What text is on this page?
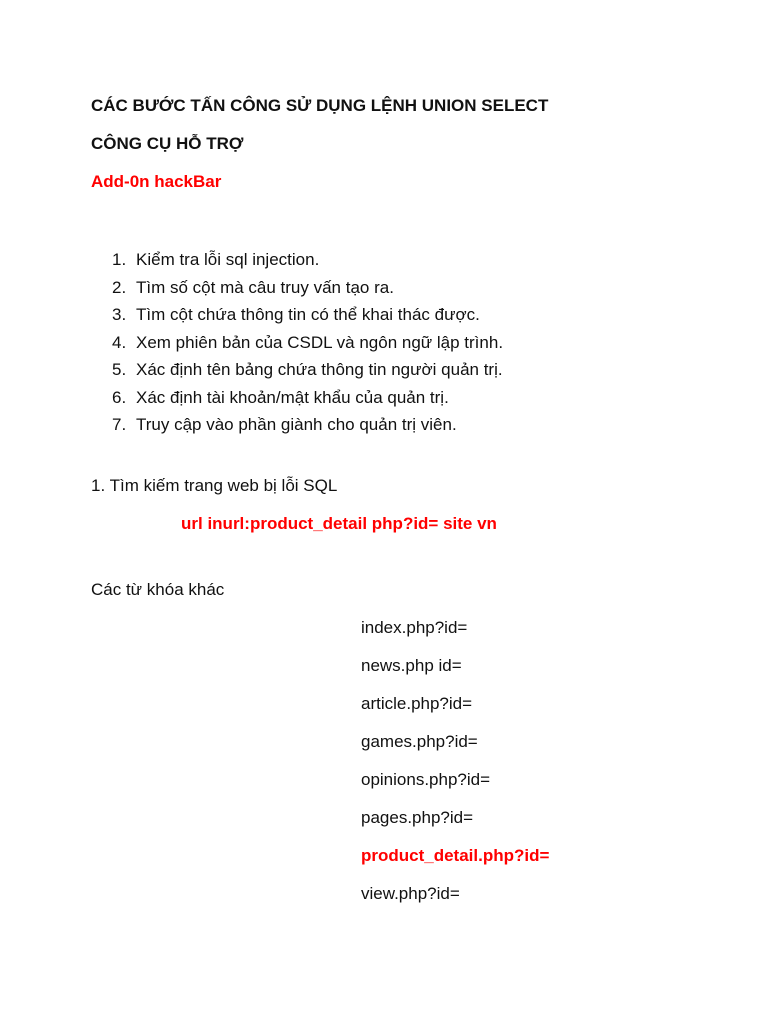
CÁC BƯỚC TẤN CÔNG SỬ DỤNG LỆNH UNION SELECT
CÔNG CỤ HỖ TRỢ
Add-0n hackBar
1. Kiểm tra lỗi sql injection.
2. Tìm số cột mà câu truy vấn tạo ra.
3. Tìm cột chứa thông tin có thể khai thác được.
4. Xem phiên bản của CSDL và ngôn ngữ lập trình.
5. Xác định tên bảng chứa thông tin người quản trị.
6. Xác định tài khoản/mật khẩu của quản trị.
7. Truy cập vào phần giành cho quản trị viên.
1. Tìm kiếm trang web bị lỗi SQL
url inurl:product_detail php?id= site vn
Các từ khóa khác
index.php?id=
news.php id=
article.php?id=
games.php?id=
opinions.php?id=
pages.php?id=
product_detail.php?id=
view.php?id=
